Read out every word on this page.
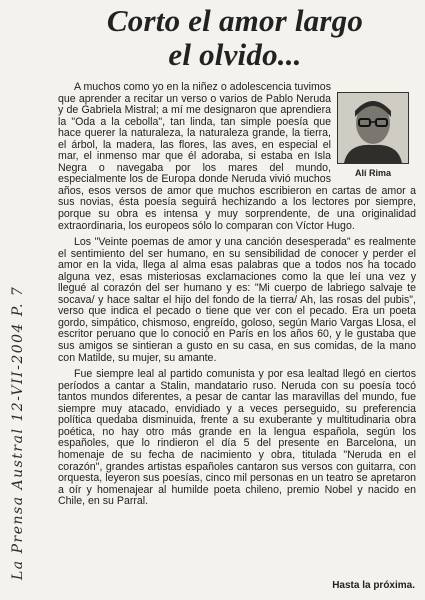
La Prensa Austral 12-VII-2004 P. 7
Corto el amor largo
el olvido...
Alí Rima

A muchos como yo en la niñez o adolescencia tuvimos que aprender a recitar un verso o varios de Pablo Neruda y de Gabriela Mistral; a mí me designaron que aprendiera la "Oda a la cebolla", tan linda, tan simple poesía que hace querer la naturaleza, la naturaleza grande, la tierra, el árbol, la madera, las flores, las aves, en especial el mar, el inmenso mar que él adoraba, si estaba en Isla Negra o navegaba por los mares del mundo, especialmente los de Europa donde Neruda vivió muchos años, esos versos de amor que muchos escribieron en cartas de amor a sus novias, ésta poesía seguirá hechizando a los lectores por siempre, porque su obra es intensa y muy sorprendente, de una originalidad extraordinaria, los europeos sólo lo comparan con Víctor Hugo.

Los "Veinte poemas de amor y una canción desesperada" es realmente el sentimiento del ser humano, en su sensibilidad de conocer y perder el amor en la vida, llega al alma esas palabras que a todos nos ha tocado alguna vez, esas misteriosas exclamaciones como la que leí una vez y llegué al corazón del ser humano y es: "Mi cuerpo de labriego salvaje te socava/ y hace saltar el hijo del fondo de la tierra/ Ah, las rosas del pubis", verso que indica el pecado o tiene que ver con el pecado. Era un poeta gordo, simpático, chismoso, engreído, goloso, según Mario Vargas Llosa, el escritor peruano que lo conoció en París en los años 60, y le gustaba que sus amigos se sintieran a gusto en su casa, en sus comidas, de la mano con Matilde, su mujer, su amante.

Fue siempre leal al partido comunista y por esa lealtad llegó en ciertos períodos a cantar a Stalin, mandatario ruso. Neruda con su poesía tocó tantos mundos diferentes, a pesar de cantar las maravillas del mundo, fue siempre muy atacado, envidiado y a veces perseguido, su preferencia política quedaba disminuida, frente a su exuberante y multitudinaria obra poética, no hay otro más grande en la lengua española, según los españoles, que lo rindieron el día 5 del presente en Barcelona, un homenaje de su fecha de nacimiento y obra, titulada "Neruda en el corazón", grandes artistas españoles cantaron sus versos con guitarra, con orquesta, leyeron sus poesías, cinco mil personas en un teatro se apretaron a oír y homenajear al humilde poeta chileno, premio Nobel y nacido en Chile, en su Parral.

Hasta la próxima.
